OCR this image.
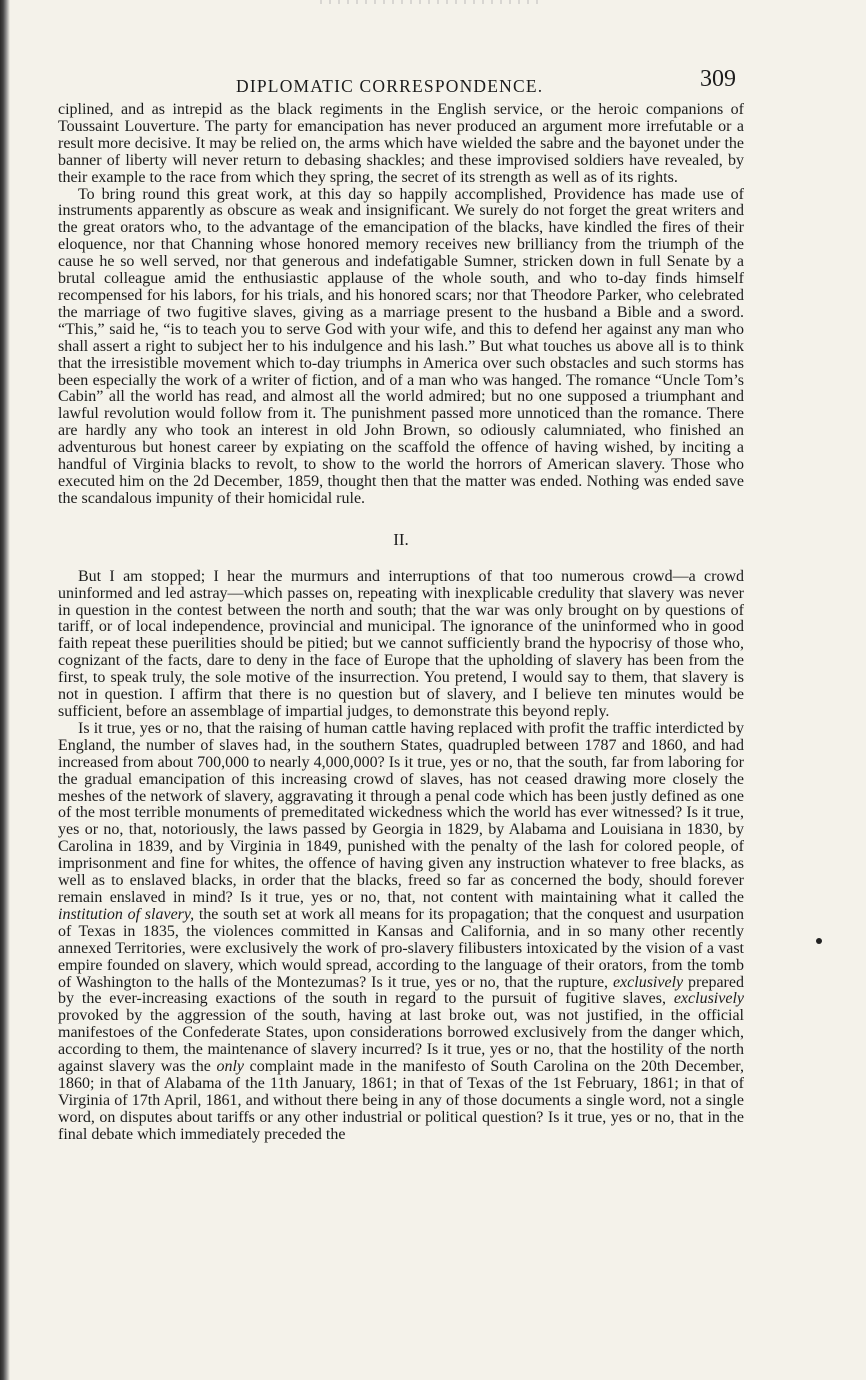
DIPLOMATIC CORRESPONDENCE.	309

ciplined, and as intrepid as the black regiments in the English service, or the heroic companions of Toussaint Louverture. The party for emancipation has never produced an argument more irrefutable or a result more decisive. It may be relied on, the arms which have wielded the sabre and the bayonet under the banner of liberty will never return to debasing shackles; and these improvised soldiers have revealed, by their example to the race from which they spring, the secret of its strength as well as of its rights.

To bring round this great work, at this day so happily accomplished, Providence has made use of instruments apparently as obscure as weak and insignificant. We surely do not forget the great writers and the great orators who, to the advantage of the emancipation of the blacks, have kindled the fires of their eloquence, nor that Channing whose honored memory receives new brilliancy from the triumph of the cause he so well served, nor that generous and indefatigable Sumner, stricken down in full Senate by a brutal colleague amid the enthusiastic applause of the whole south, and who to-day finds himself recompensed for his labors, for his trials, and his honored scars; nor that Theodore Parker, who celebrated the marriage of two fugitive slaves, giving as a marriage present to the husband a Bible and a sword. “This,” said he, “is to teach you to serve God with your wife, and this to defend her against any man who shall assert a right to subject her to his indulgence and his lash.” But what touches us above all is to think that the irresistible movement which to-day triumphs in America over such obstacles and such storms has been especially the work of a writer of fiction, and of a man who was hanged. The romance “Uncle Tom’s Cabin” all the world has read, and almost all the world admired; but no one supposed a triumphant and lawful revolution would follow from it. The punishment passed more unnoticed than the romance. There are hardly any who took an interest in old John Brown, so odiously calumniated, who finished an adventurous but honest career by expiating on the scaffold the offence of having wished, by inciting a handful of Virginia blacks to revolt, to show to the world the horrors of American slavery. Those who executed him on the 2d December, 1859, thought then that the matter was ended. Nothing was ended save the scandalous impunity of their homicidal rule.

II.

But I am stopped; I hear the murmurs and interruptions of that too numerous crowd—a crowd uninformed and led astray—which passes on, repeating with inexplicable credulity that slavery was never in question in the contest between the north and south; that the war was only brought on by questions of tariff, or of local independence, provincial and municipal. The ignorance of the uninformed who in good faith repeat these puerilities should be pitied; but we cannot sufficiently brand the hypocrisy of those who, cognizant of the facts, dare to deny in the face of Europe that the upholding of slavery has been from the first, to speak truly, the sole motive of the insurrection. You pretend, I would say to them, that slavery is not in question. I affirm that there is no question but of slavery, and I believe ten minutes would be sufficient, before an assemblage of impartial judges, to demonstrate this beyond reply.

Is it true, yes or no, that the raising of human cattle having replaced with profit the traffic interdicted by England, the number of slaves had, in the southern States, quadrupled between 1787 and 1860, and had increased from about 700,000 to nearly 4,000,000? Is it true, yes or no, that the south, far from laboring for the gradual emancipation of this increasing crowd of slaves, has not ceased drawing more closely the meshes of the network of slavery, aggravating it through a penal code which has been justly defined as one of the most terrible monuments of premeditated wickedness which the world has ever witnessed? Is it true, yes or no, that, notoriously, the laws passed by Georgia in 1829, by Alabama and Louisiana in 1830, by Carolina in 1839, and by Virginia in 1849, punished with the penalty of the lash for colored people, of imprisonment and fine for whites, the offence of having given any instruction whatever to free blacks, as well as to enslaved blacks, in order that the blacks, freed so far as concerned the body, should forever remain enslaved in mind? Is it true, yes or no, that, not content with maintaining what it called the institution of slavery, the south set at work all means for its propagation; that the conquest and usurpation of Texas in 1835, the violences committed in Kansas and California, and in so many other recently annexed Territories, were exclusively the work of pro-slavery filibusters intoxicated by the vision of a vast empire founded on slavery, which would spread, according to the language of their orators, from the tomb of Washington to the halls of the Montezumas? Is it true, yes or no, that the rupture, exclusively prepared by the ever-increasing exactions of the south in regard to the pursuit of fugitive slaves, exclusively provoked by the aggression of the south, having at last broke out, was not justified, in the official manifestoes of the Confederate States, upon considerations borrowed exclusively from the danger which, according to them, the maintenance of slavery incurred? Is it true, yes or no, that the hostility of the north against slavery was the only complaint made in the manifesto of South Carolina on the 20th December, 1860; in that of Alabama of the 11th January, 1861; in that of Texas of the 1st February, 1861; in that of Virginia of 17th April, 1861, and without there being in any of those documents a single word, not a single word, on disputes about tariffs or any other industrial or political question? Is it true, yes or no, that in the final debate which immediately preceded the
